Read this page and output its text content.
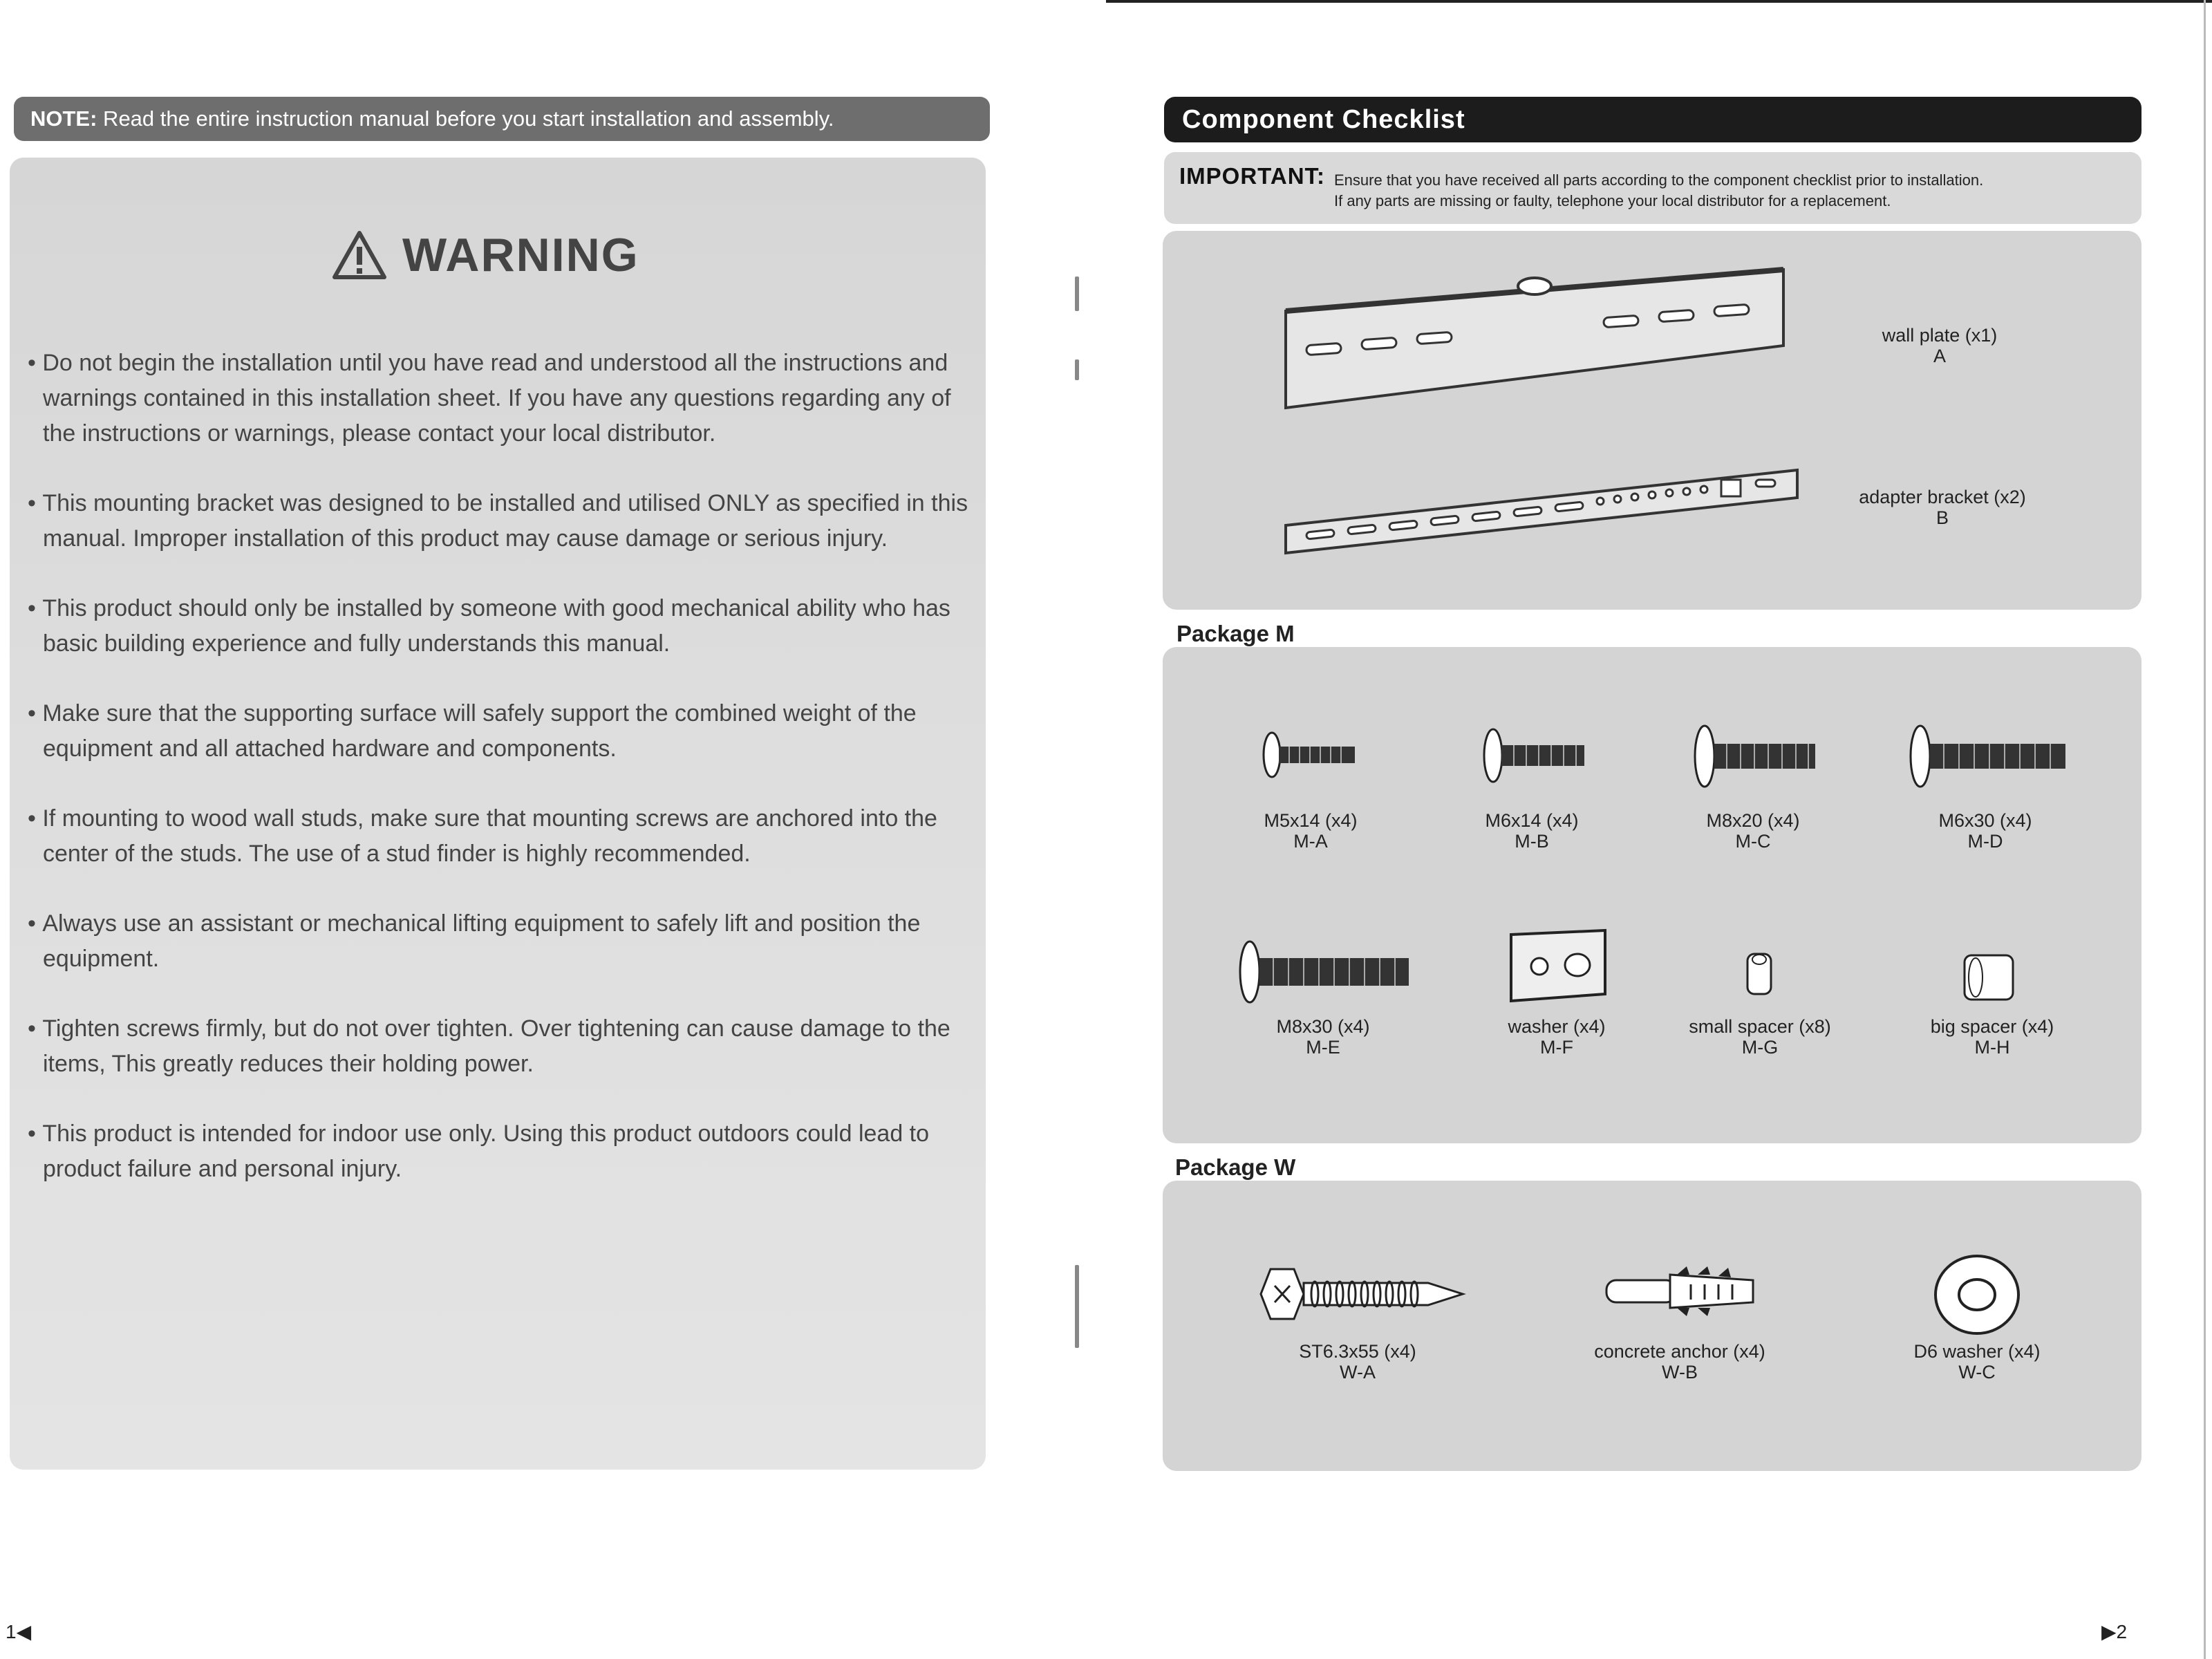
NOTE: Read the entire instruction manual before you start installation and assembly.
WARNING
• Do not begin the installation until you have read and understood all the instructions and warnings contained in this installation sheet. If you have any questions regarding any of the instructions or warnings, please contact your local distributor.
• This mounting bracket was designed to be installed and utilised ONLY as specified in this manual. Improper installation of this product may cause damage or serious injury.
• This product should only be installed by someone with good mechanical ability who has basic building experience and fully understands this manual.
• Make sure that the supporting surface will safely support the combined weight of the equipment and all attached hardware and components.
• If mounting to wood wall studs, make sure that mounting screws are anchored into the center of the studs. The use of a stud finder is highly recommended.
• Always use an assistant or mechanical lifting equipment to safely lift and position the equipment.
• Tighten screws firmly, but do not over tighten. Over tightening can cause damage to the items, This greatly reduces their holding power.
• This product is intended for indoor use only. Using this product outdoors could lead to product failure and personal injury.
1◀
Component Checklist
IMPORTANT: Ensure that you have received all parts according to the component checklist prior to installation.
If any parts are missing or faulty, telephone your local distributor for a replacement.
wall plate (x1)
A
adapter bracket (x2)
B
Package M
M5x14 (x4)
M-A
M6x14 (x4)
M-B
M8x20 (x4)
M-C
M6x30 (x4)
M-D
M8x30 (x4)
M-E
washer (x4)
M-F
small spacer (x8)
M-G
big spacer (x4)
M-H
Package W
ST6.3x55 (x4)
W-A
concrete anchor (x4)
W-B
D6 washer (x4)
W-C
▶2
